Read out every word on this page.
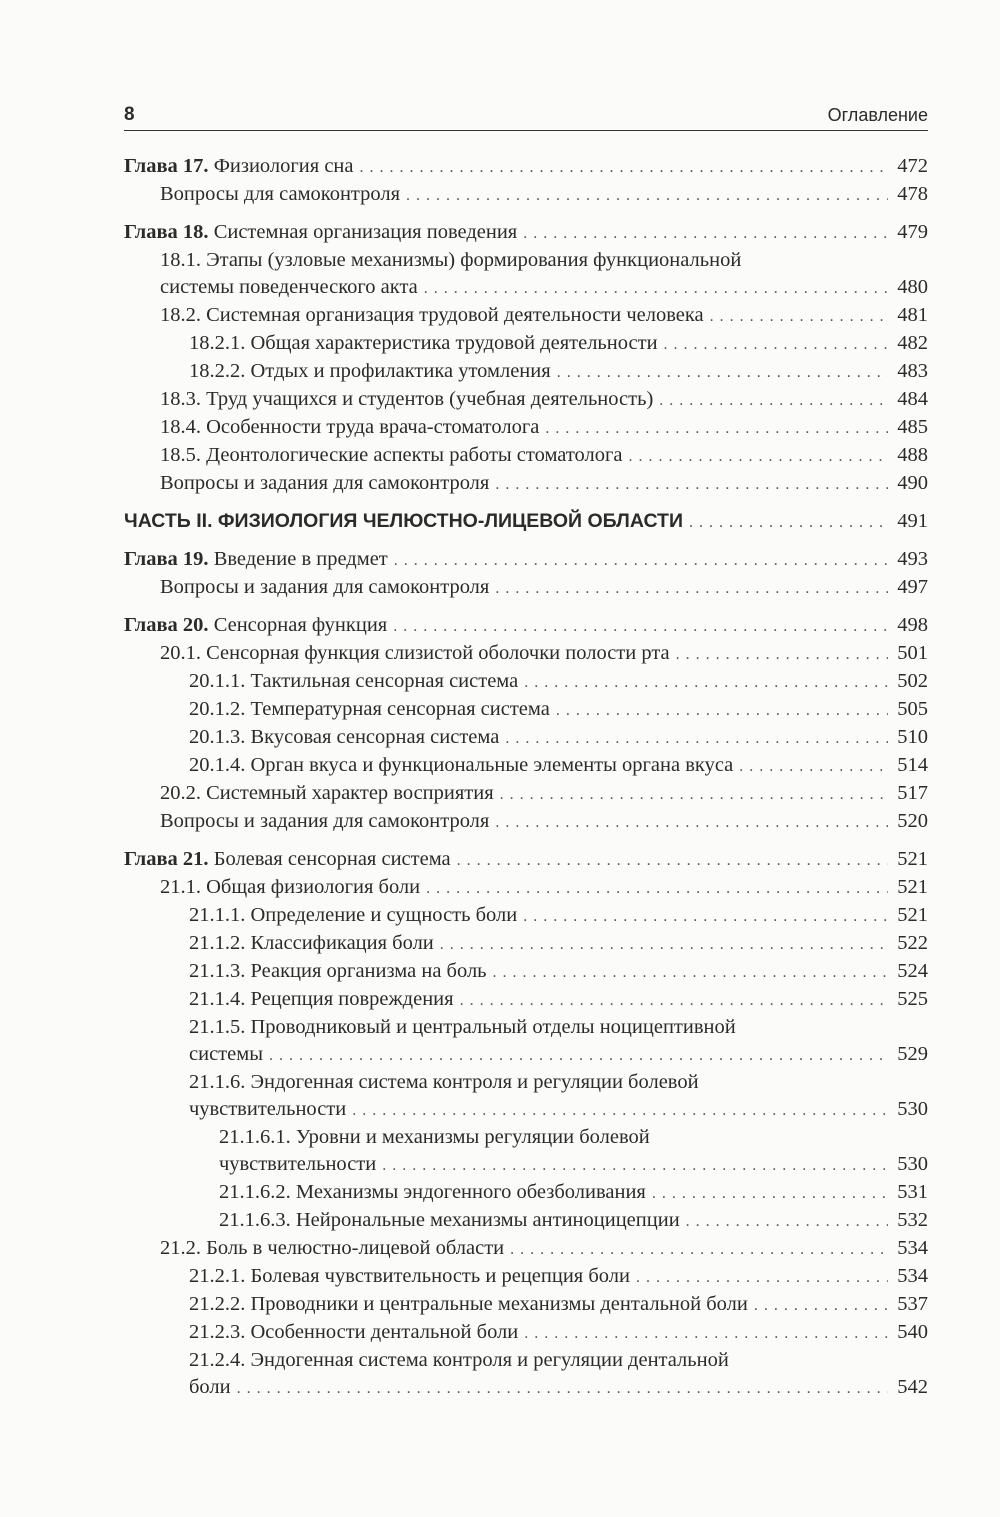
8	Оглавление
Глава 17. Физиология сна . . .	472
Вопросы для самоконтроля . . .	478
Глава 18. Системная организация поведения . . .	479
18.1. Этапы (узловые механизмы) формирования функциональной
системы поведенческого акта . . .	480
18.2. Системная организация трудовой деятельности человека . . .	481
18.2.1. Общая характеристика трудовой деятельности . . .	482
18.2.2. Отдых и профилактика утомления . . .	483
18.3. Труд учащихся и студентов (учебная деятельность) . . .	484
18.4. Особенности труда врача-стоматолога . . .	485
18.5. Деонтологические аспекты работы стоматолога . . .	488
Вопросы и задания для самоконтроля . . .	490
ЧАСТЬ II. ФИЗИОЛОГИЯ ЧЕЛЮСТНО-ЛИЦЕВОЙ ОБЛАСТИ . . .	491
Глава 19. Введение в предмет . . .	493
Вопросы и задания для самоконтроля . . .	497
Глава 20. Сенсорная функция . . .	498
20.1. Сенсорная функция слизистой оболочки полости рта . . .	501
20.1.1. Тактильная сенсорная система . . .	502
20.1.2. Температурная сенсорная система . . .	505
20.1.3. Вкусовая сенсорная система . . .	510
20.1.4. Орган вкуса и функциональные элементы органа вкуса . . .	514
20.2. Системный характер восприятия . . .	517
Вопросы и задания для самоконтроля . . .	520
Глава 21. Болевая сенсорная система . . .	521
21.1. Общая физиология боли . . .	521
21.1.1. Определение и сущность боли . . .	521
21.1.2. Классификация боли . . .	522
21.1.3. Реакция организма на боль . . .	524
21.1.4. Рецепция повреждения . . .	525
21.1.5. Проводниковый и центральный отделы ноцицептивной
системы . . .	529
21.1.6. Эндогенная система контроля и регуляции болевой
чувствительности . . .	530
21.1.6.1. Уровни и механизмы регуляции болевой
чувствительности . . .	530
21.1.6.2. Механизмы эндогенного обезболивания . . .	531
21.1.6.3. Нейрональные механизмы антиноцицепции . . .	532
21.2. Боль в челюстно-лицевой области . . .	534
21.2.1. Болевая чувствительность и рецепция боли . . .	534
21.2.2. Проводники и центральные механизмы дентальной боли . . .	537
21.2.3. Особенности дентальной боли . . .	540
21.2.4. Эндогенная система контроля и регуляции дентальной
боли . . .	542
